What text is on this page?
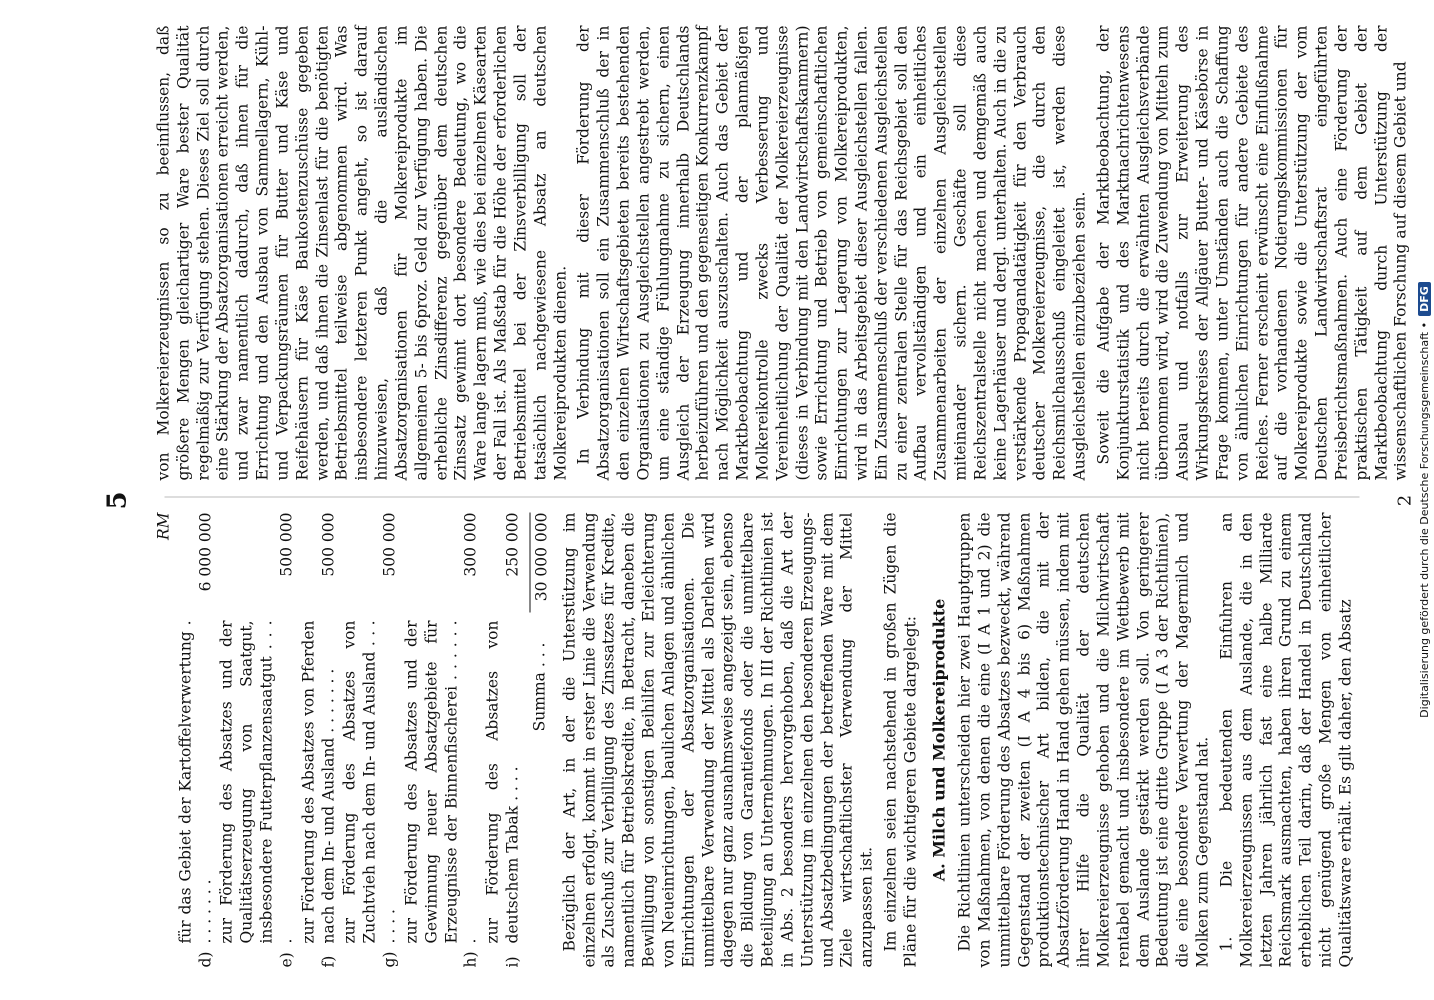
5
RM
d)
für das Gebiet der Kartoffelverwertung . . . . . . . .
6 000 000
e)
zur Förderung des Absatzes und der Qualitätserzeugung von Saatgut, insbesondere Futterpflanzensaatgut . . . .
500 000
f)
zur Förderung des Absatzes von Pferden nach dem In- und Ausland . . . . . . .
500 000
g)
zur Förderung des Absatzes von Zuchtvieh nach dem In- und Ausland . . . . . . .
500 000
h)
zur Förderung des Absatzes und der Gewinnung neuer Absatzgebiete für Erzeugnisse der Binnenfischerei . . . . . . .
300 000
i)
zur Förderung des Absatzes von deutschem Tabak . . . .
250 000
Summa . . .
30 000 000 Bezüglich der Art, in der die Unterstützung im einzelnen erfolgt, kommt in erster Linie die Verwendung als Zuschuß zur Verbilligung des Zinssatzes für Kredite, namentlich für Betriebskredite, in Betracht, daneben die Bewilligung von sonstigen Beihilfen zur Erleichterung von Neueinrichtungen, baulichen Anlagen und ähnlichen Einrichtungen der Absatzorganisationen. Die unmittelbare Verwendung der Mittel als Darlehen wird dagegen nur ganz ausnahmsweise angezeigt sein, ebenso die Bildung von Garantiefonds oder die unmittelbare Beteiligung an Unternehmungen. In III der Richtlinien ist in Abs. 2 besonders hervorgehoben, daß die Art der Unterstützung im einzelnen den besonderen Erzeugungs- und Absatzbedingungen der betreffenden Ware mit dem Ziele wirtschaftlichster Verwendung der Mittel anzupassen ist. Im einzelnen seien nachstehend in großen Zügen die Pläne für die wichtigeren Gebiete dargelegt: A. Milch und Molkereiprodukte Die Richtlinien unterscheiden hier zwei Hauptgruppen von Maßnahmen, von denen die eine (I A 1 und 2) die unmittelbare Förderung des Absatzes bezweckt, während Gegenstand der zweiten (I A 4 bis 6) Maßnahmen produktionstechnischer Art bilden, die mit der Absatzförderung Hand in Hand gehen müssen, indem mit ihrer Hilfe die Qualität der deutschen Molkereierzeugnisse gehoben und die Milchwirtschaft rentabel gemacht und insbesondere im Wettbewerb mit dem Auslande gestärkt werden soll. Von geringerer Bedeutung ist eine dritte Gruppe (I A 3 der Richtlinien), die eine besondere Verwertung der Magermilch und Molken zum Gegenstand hat. 1. Die bedeutenden Einfuhren an Molkereierzeugnissen aus dem Auslande, die in den letzten Jahren jährlich fast eine halbe Milliarde Reichsmark ausmachten, haben ihren Grund zu einem erheblichen Teil darin, daß der Handel in Deutschland nicht genügend große Mengen von einheitlicher Qualitätsware erhält. Es gilt daher, den Absatz

von Molkereierzeugnissen so zu beeinflussen, daß größere Mengen gleichartiger Ware bester Qualität regelmäßig zur Verfügung stehen. Dieses Ziel soll durch eine Stärkung der Absatzorganisationen erreicht werden, und zwar namentlich dadurch, daß ihnen für die Errichtung und den Ausbau von Sammellagern, Kühl- und Verpackungsräumen für Butter und Käse und Reifehäusern für Käse Baukostenzuschüsse gegeben werden, und daß ihnen die Zinsenlast für die benötigten Betriebsmittel teilweise abgenommen wird. Was insbesondere letzteren Punkt angeht, so ist darauf hinzuweisen, daß die ausländischen Absatzorganisationen für Molkereiprodukte im allgemeinen 5- bis 6proz. Geld zur Verfügung haben. Die erhebliche Zinsdifferenz gegenüber dem deutschen Zinssatz gewinnt dort besondere Bedeutung, wo die Ware lange lagern muß, wie dies bei einzelnen Käsearten der Fall ist. Als Maßstab für die Höhe der erforderlichen Betriebsmittel bei der Zinsverbilligung soll der tatsächlich nachgewiesene Absatz an deutschen Molkereiprodukten dienen. In Verbindung mit dieser Förderung der Absatzorganisationen soll ein Zusammenschluß der in den einzelnen Wirtschaftsgebieten bereits bestehenden Organisationen zu Ausgleichstellen angestrebt werden, um eine ständige Fühlungnahme zu sichern, einen Ausgleich der Erzeugung innerhalb Deutschlands herbeizuführen und den gegenseitigen Konkurrenzkampf nach Möglichkeit auszuschalten. Auch das Gebiet der Marktbeobachtung und der planmäßigen Molkereikontrolle zwecks Verbesserung und Vereinheitlichung der Qualität der Molkereierzeugnisse (dieses in Verbindung mit den Landwirtschaftskammern) sowie Errichtung und Betrieb von gemeinschaftlichen Einrichtungen zur Lagerung von Molkereiprodukten, wird in das Arbeitsgebiet dieser Ausgleichstellen fallen. Ein Zusammenschluß der verschiedenen Ausgleichstellen zu einer zentralen Stelle für das Reichsgebiet soll den Aufbau vervollständigen und ein einheitliches Zusammenarbeiten der einzelnen Ausgleichstellen miteinander sichern. Geschäfte soll diese Reichszentralstelle nicht machen und demgemäß auch keine Lagerhäuser und dergl. unterhalten. Auch in die zu verstärkende Propagandatätigkeit für den Verbrauch deutscher Molkereierzeugnisse, die durch den Reichsmilchausschuß eingeleitet ist, werden diese Ausgleichstellen einzubeziehen sein. Soweit die Aufgabe der Marktbeobachtung, der Konjunkturstatistik und des Marktnachrichtenwesens nicht bereits durch die erwähnten Ausgleichsverbände übernommen wird, wird die Zuwendung von Mitteln zum Ausbau und notfalls zur Erweiterung des Wirkungskreises der Allgäuer Butter- und Käsebörse in Frage kommen, unter Umständen auch die Schaffung von ähnlichen Einrichtungen für andere Gebiete des Reiches. Ferner erscheint erwünscht eine Einflußnahme auf die vorhandenen Notierungskommissionen für Molkereiprodukte sowie die Unterstützung der vom Deutschen Landwirtschaftsrat eingeführten Preisberichtsmaßnahmen. Auch eine Förderung der praktischen Tätigkeit auf dem Gebiet der Marktbeobachtung durch Unterstützung der wissenschaftlichen Forschung auf diesem Gebiet und

2 Digitalisierung gefördert durch die Deutsche Forschungsgemeinschaft •
DFG
